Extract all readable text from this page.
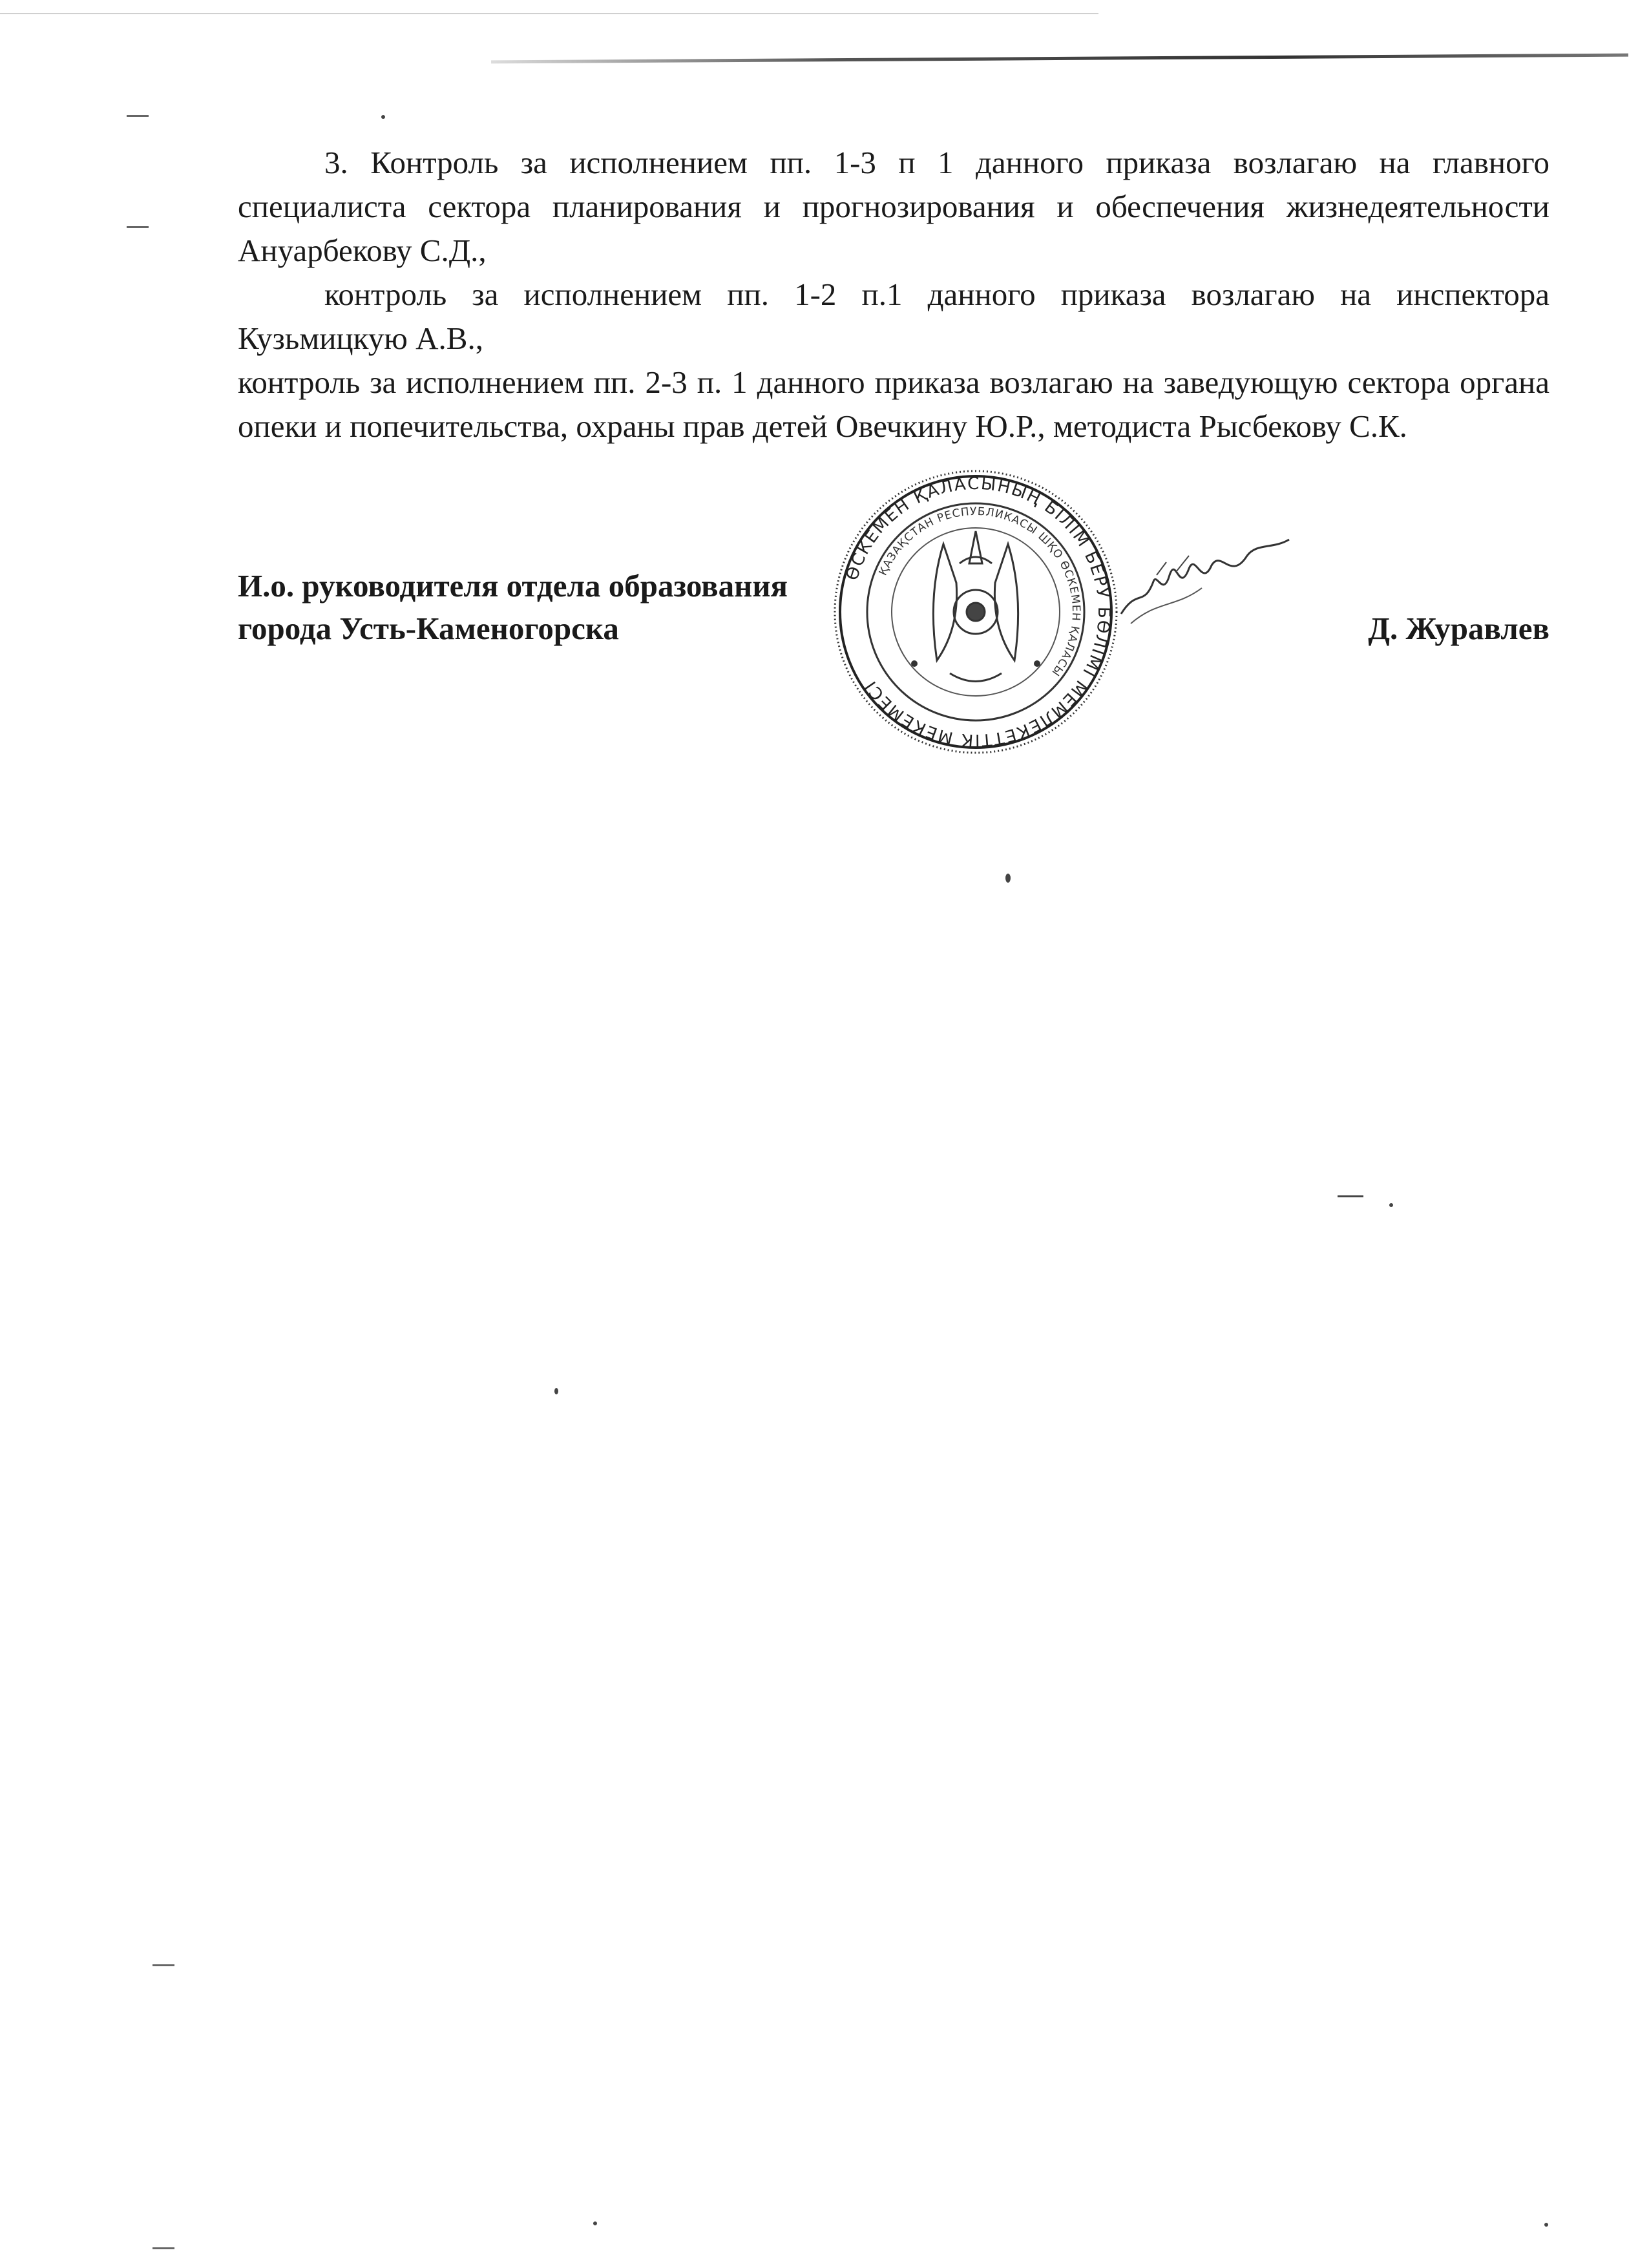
3. Контроль за исполнением пп. 1-3 п 1 данного приказа возлагаю на главного специалиста сектора планирования и прогнозирования и обеспечения жизнедеятельности Ануарбекову С.Д.,

контроль за исполнением пп. 1-2 п.1 данного приказа возлагаю на инспектора Кузьмицкую А.В.,

контроль за исполнением пп. 2-3 п. 1 данного приказа возлагаю на заведующую сектора органа опеки и попечительства, охраны прав детей Овечкину Ю.Р., методиста Рысбекову С.К.

И.о. руководителя отдела образования
города Усть-Каменогорска	Д. Журавлев
ӨСКЕМЕН ҚАЛАСЫНЫҢ БІЛІМ БЕРУ БӨЛІМІ МЕМЛЕКЕТТІК МЕКЕМЕСІ
ҚАЗАҚСТАН РЕСПУБЛИКАСЫ ШҚО ӨСКЕМЕН ҚАЛАСЫ
